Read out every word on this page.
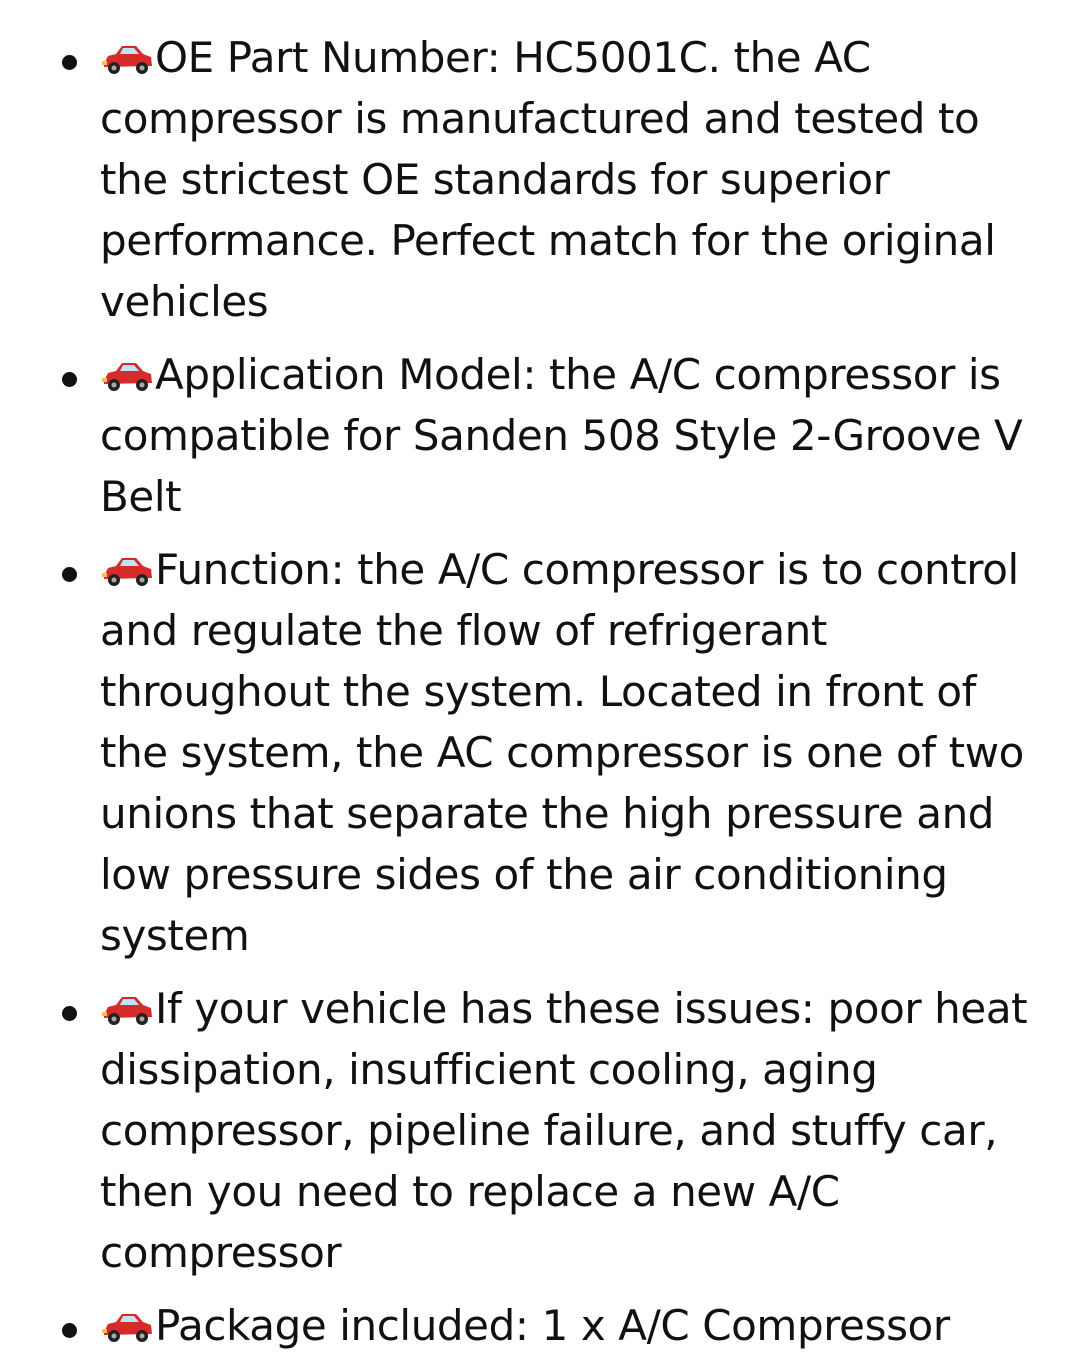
OE Part Number: HC5001C. the AC compressor is manufactured and tested to the strictest OE standards for superior performance. Perfect match for the original vehicles
Application Model: the A/C compressor is compatible for Sanden 508 Style 2-Groove V Belt
Function: the A/C compressor is to control and regulate the flow of refrigerant throughout the system. Located in front of the system, the AC compressor is one of two unions that separate the high pressure and low pressure sides of the air conditioning system
If your vehicle has these issues: poor heat dissipation, insufficient cooling, aging compressor, pipeline failure, and stuffy car, then you need to replace a new A/C compressor
Package included: 1 x A/C Compressor
